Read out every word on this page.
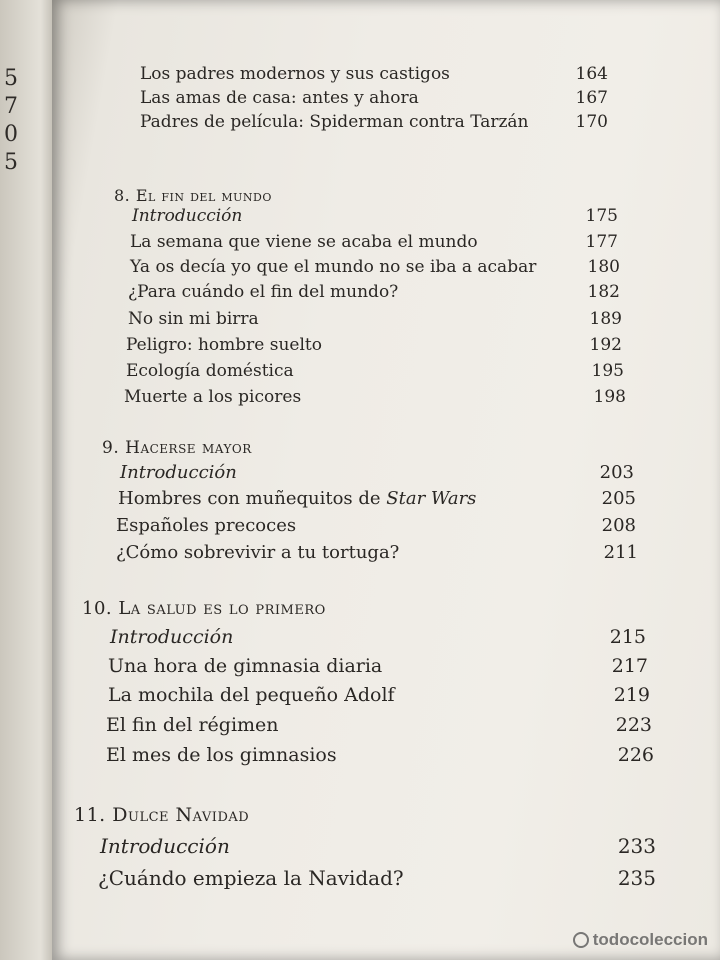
5
7
0
5
Los padres modernos y sus castigos	164
Las amas de casa: antes y ahora	167
Padres de película: Spiderman contra Tarzán	170
8. El fin del mundo
Introducción	175
La semana que viene se acaba el mundo	177
Ya os decía yo que el mundo no se iba a acabar	180
¿Para cuándo el fin del mundo?	182
No sin mi birra	189
Peligro: hombre suelto	192
Ecología doméstica	195
Muerte a los picores	198
9. Hacerse mayor
Introducción	203
Hombres con muñequitos de Star Wars	205
Españoles precoces	208
¿Cómo sobrevivir a tu tortuga?	211
10. La salud es lo primero
Introducción	215
Una hora de gimnasia diaria	217
La mochila del pequeño Adolf	219
El fin del régimen	223
El mes de los gimnasios	226
11. Dulce Navidad
Introducción	233
¿Cuándo empieza la Navidad?	235
todocoleccion
